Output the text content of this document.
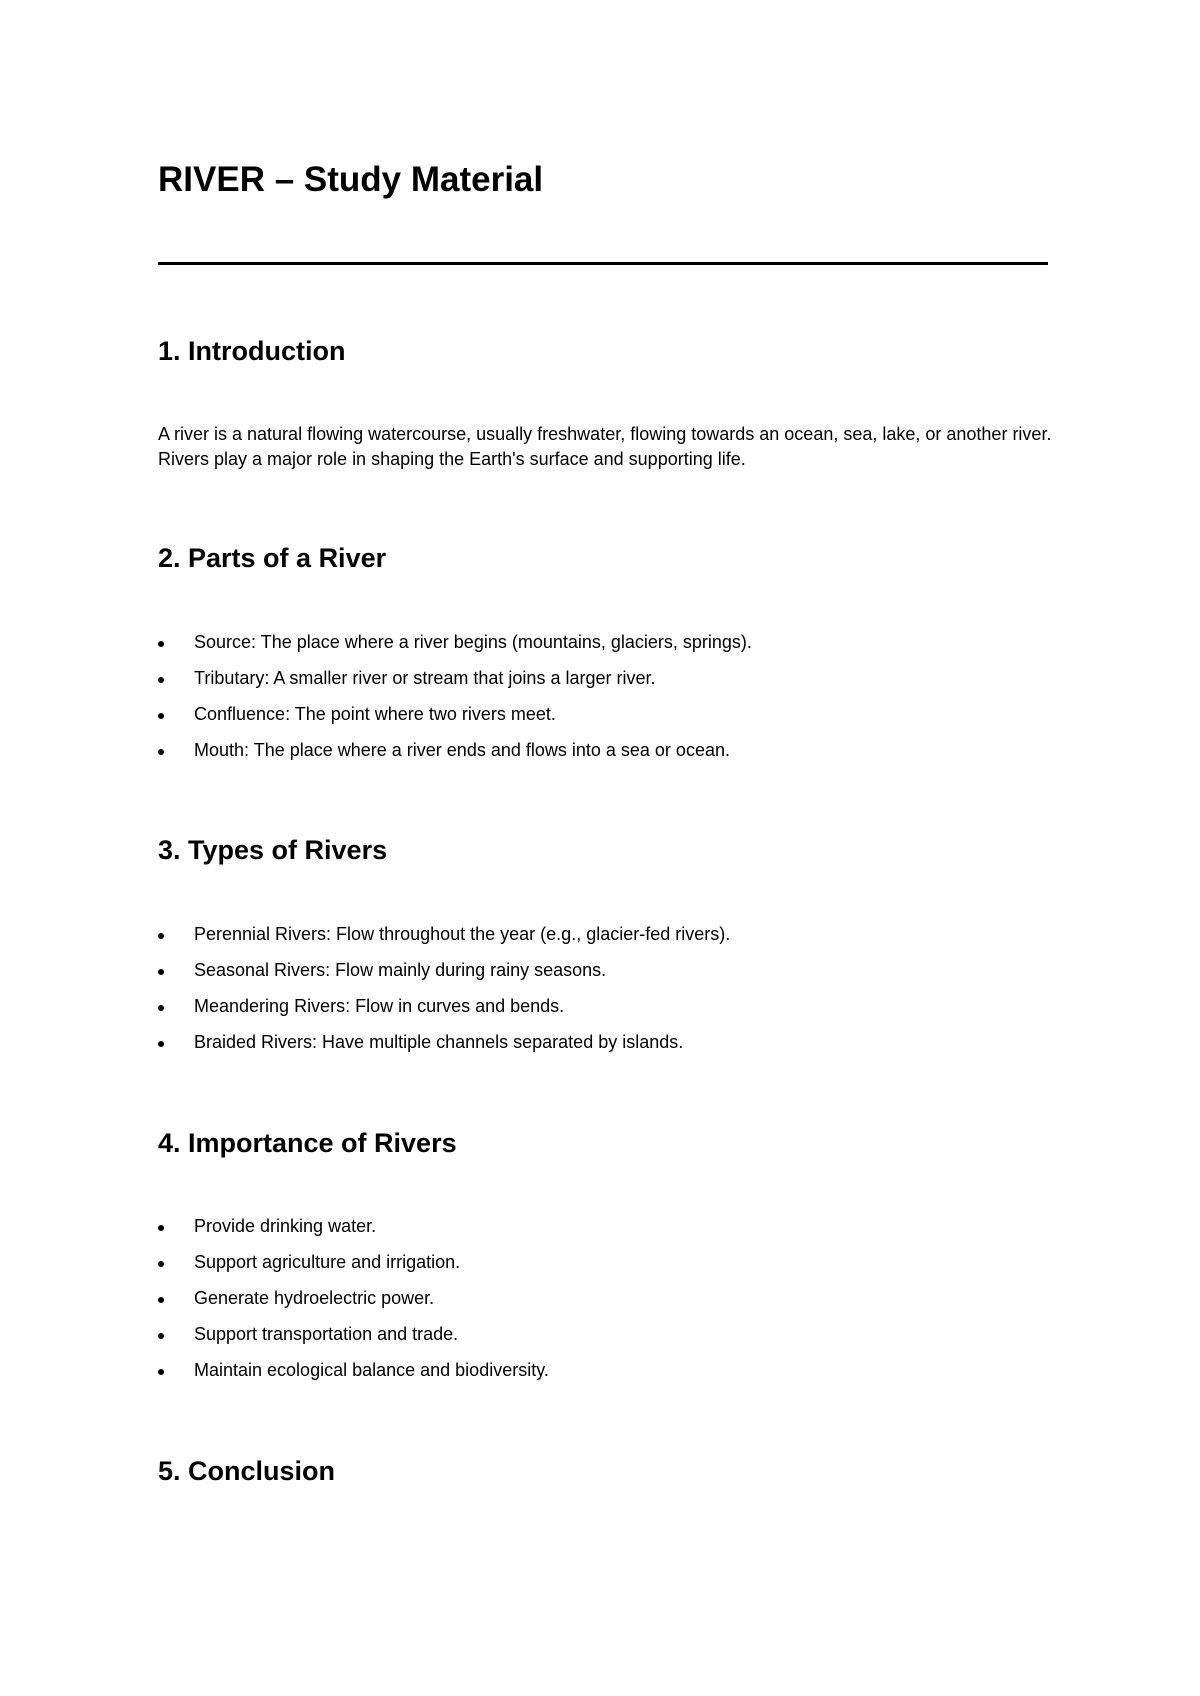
RIVER – Study Material
1. Introduction

A river is a natural flowing watercourse, usually freshwater, flowing towards an ocean, sea, lake, or another river. Rivers play a major role in shaping the Earth's surface and supporting life.

2. Parts of a River
Source: The place where a river begins (mountains, glaciers, springs).
Tributary: A smaller river or stream that joins a larger river.
Confluence: The point where two rivers meet.
Mouth: The place where a river ends and flows into a sea or ocean.
3. Types of Rivers
Perennial Rivers: Flow throughout the year (e.g., glacier-fed rivers).
Seasonal Rivers: Flow mainly during rainy seasons.
Meandering Rivers: Flow in curves and bends.
Braided Rivers: Have multiple channels separated by islands.
4. Importance of Rivers
Provide drinking water.
Support agriculture and irrigation.
Generate hydroelectric power.
Support transportation and trade.
Maintain ecological balance and biodiversity.
5. Conclusion
